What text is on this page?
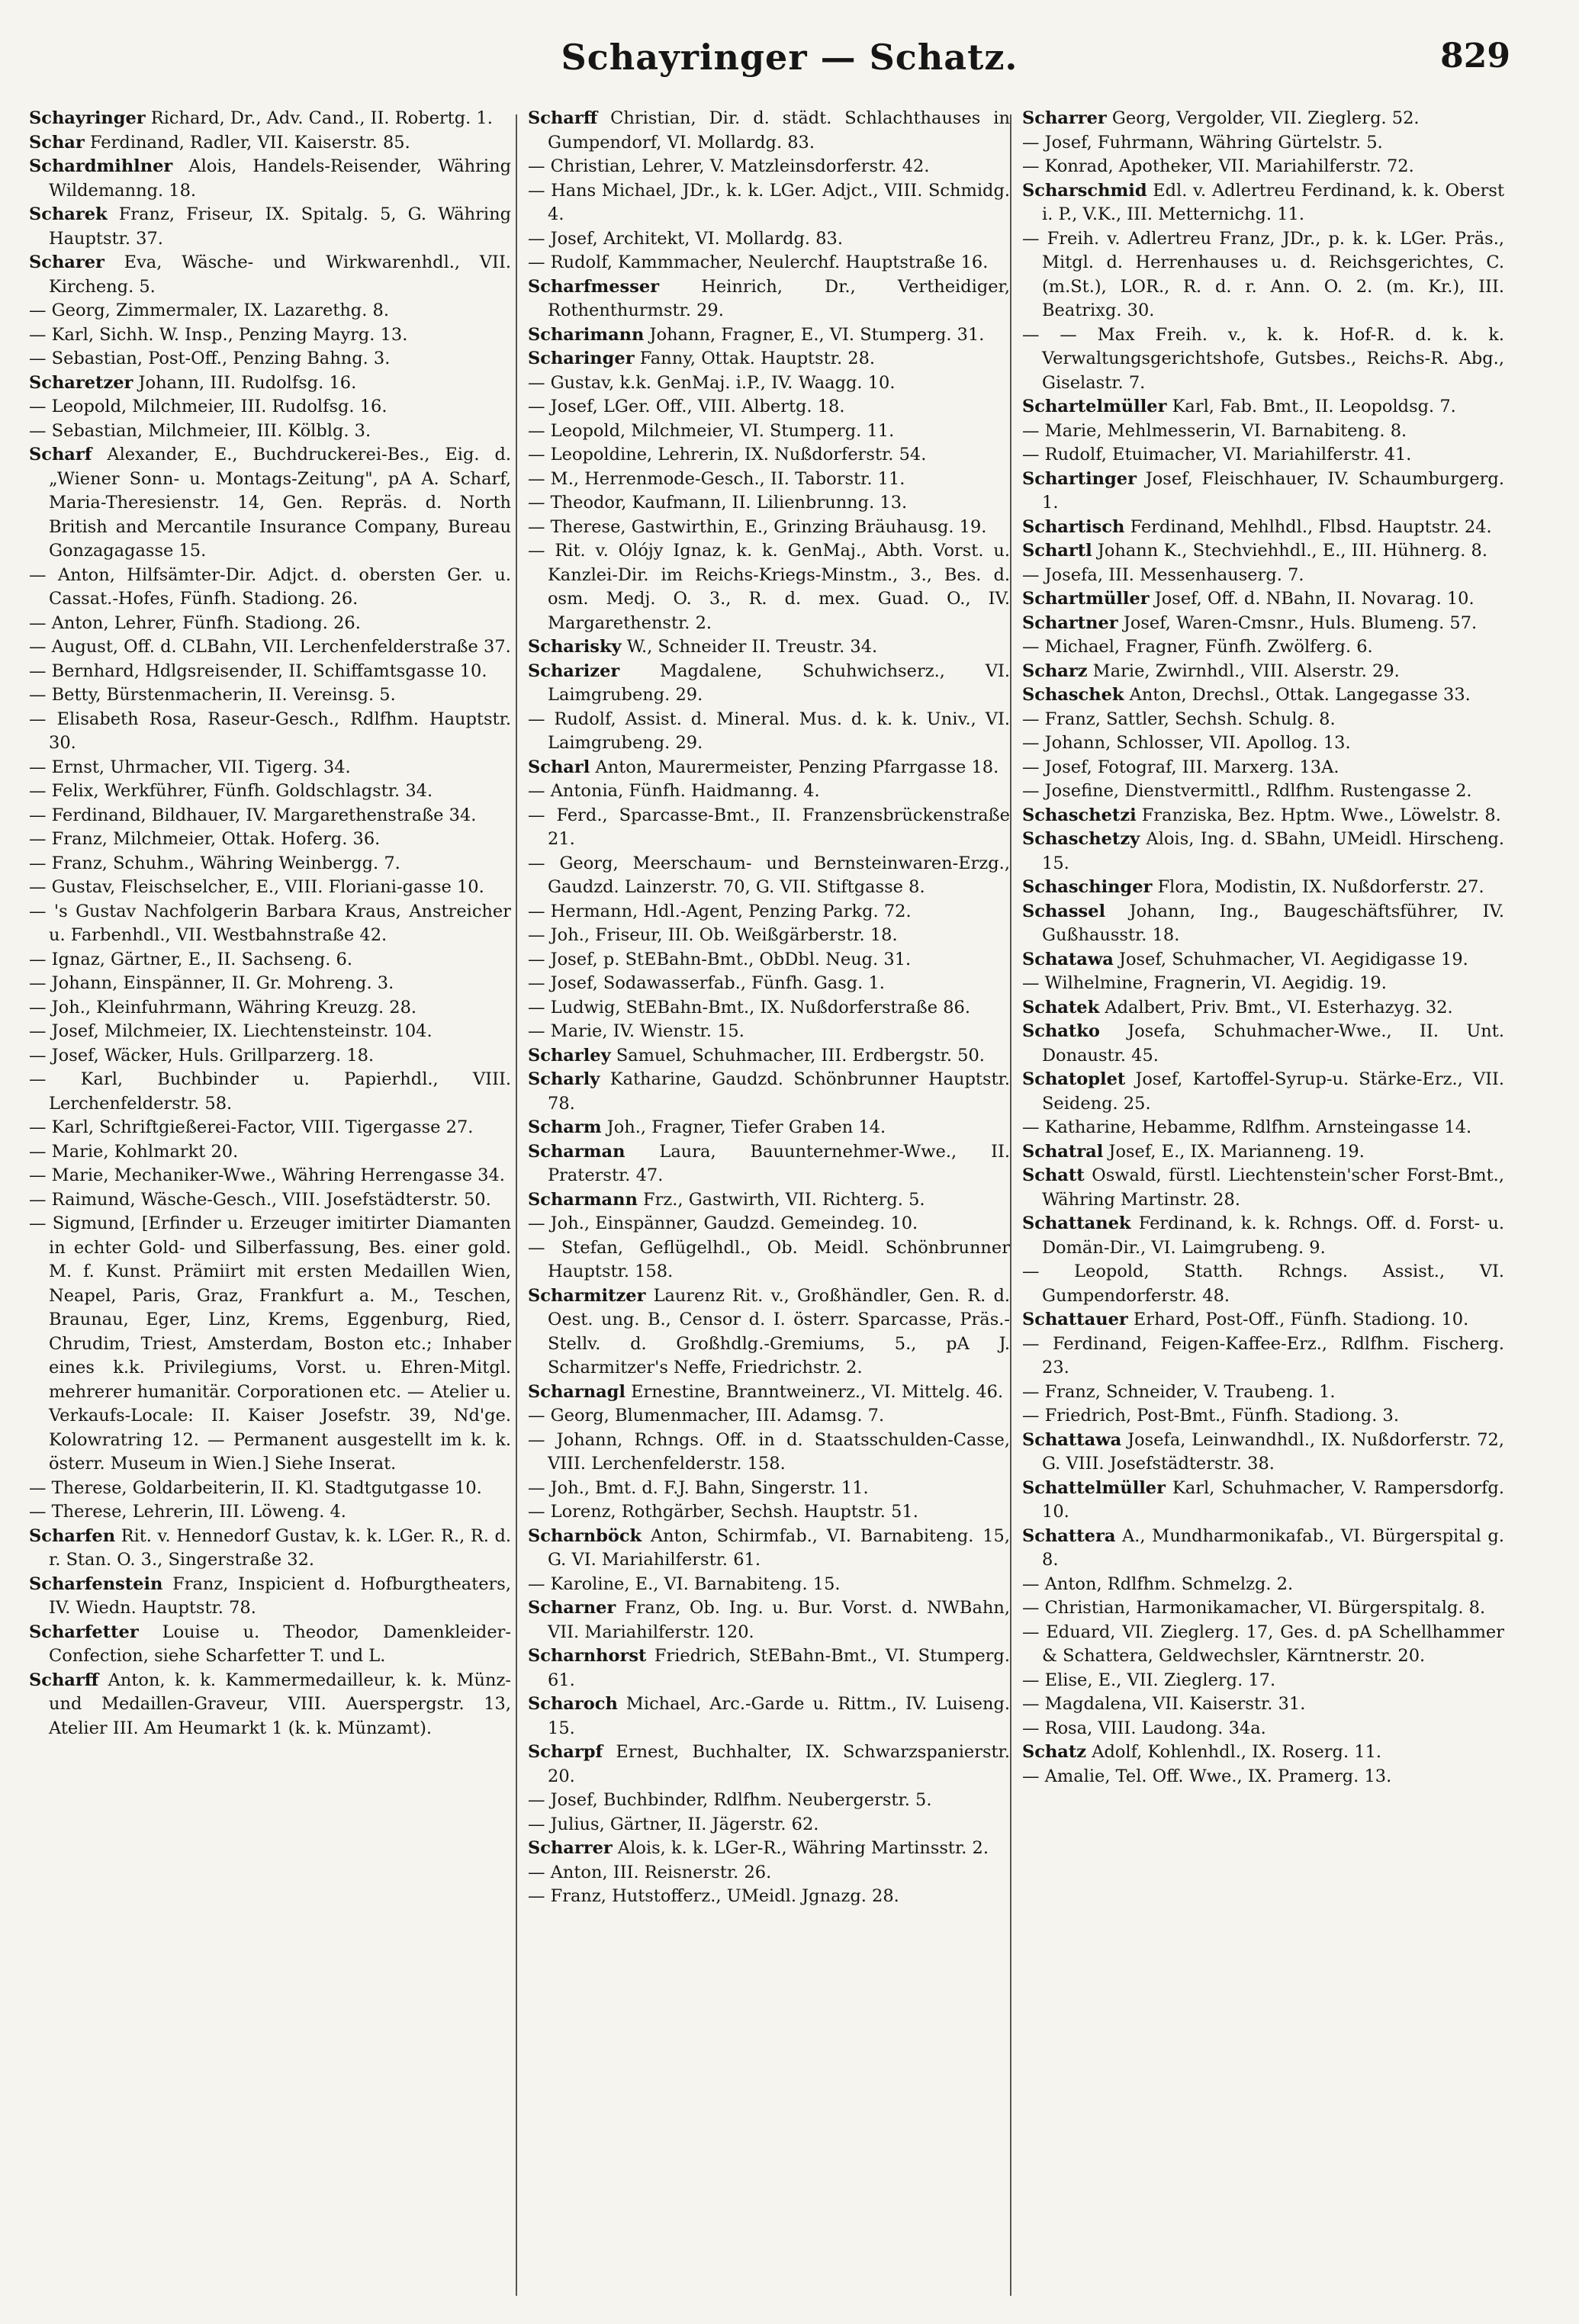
Schayringer — Schatz.	829

Schayringer Richard, Dr., Adv. Cand., II. Robertg. 1.

Schar Ferdinand, Radler, VII. Kaiserstr. 85.

Schardmihlner Alois, Handels-Reisender, Währing Wildemanng. 18.

Scharek Franz, Friseur, IX. Spitalg. 5, G. Währing Hauptstr. 37.

Scharer Eva, Wäsche- und Wirkwarenhdl., VII. Kircheng. 5.

— Georg, Zimmermaler, IX. Lazarethg. 8.

— Karl, Sichh. W. Insp., Penzing Mayrg. 13.

— Sebastian, Post-Off., Penzing Bahng. 3.

Scharetzer Johann, III. Rudolfsg. 16.

— Leopold, Milchmeier, III. Rudolfsg. 16.

— Sebastian, Milchmeier, III. Kölblg. 3.

Scharf Alexander, E., Buchdruckerei-Bes., Eig. d. „Wiener Sonn- u. Montags-Zeitung", pA A. Scharf, Maria-Theresienstr. 14, Gen. Repräs. d. North British and Mercantile Insurance Company, Bureau Gonzagagasse 15.

— Anton, Hilfsämter-Dir. Adjct. d. obersten Ger. u. Cassat.-Hofes, Fünfh. Stadiong. 26.

— Anton, Lehrer, Fünfh. Stadiong. 26.

— August, Off. d. CLBahn, VII. Lerchenfelderstraße 37.

— Bernhard, Hdlgsreisender, II. Schiffamtsgasse 10.

— Betty, Bürstenmacherin, II. Vereinsg. 5.

— Elisabeth Rosa, Raseur-Gesch., Rdlfhm. Hauptstr. 30.

— Ernst, Uhrmacher, VII. Tigerg. 34.

— Felix, Werkführer, Fünfh. Goldschlagstr. 34.

— Ferdinand, Bildhauer, IV. Margarethenstraße 34.

— Franz, Milchmeier, Ottak. Hoferg. 36.

— Franz, Schuhm., Währing Weinbergg. 7.

— Gustav, Fleischselcher, E., VIII. Floriani-gasse 10.

— 's Gustav Nachfolgerin Barbara Kraus, Anstreicher u. Farbenhdl., VII. Westbahnstraße 42.

— Ignaz, Gärtner, E., II. Sachseng. 6.

— Johann, Einspänner, II. Gr. Mohreng. 3.

— Joh., Kleinfuhrmann, Währing Kreuzg. 28.

— Josef, Milchmeier, IX. Liechtensteinstr. 104.

— Josef, Wäcker, Huls. Grillparzerg. 18.

— Karl, Buchbinder u. Papierhdl., VIII. Lerchenfelderstr. 58.

— Karl, Schriftgießerei-Factor, VIII. Tigergasse 27.

— Marie, Kohlmarkt 20.

— Marie, Mechaniker-Wwe., Währing Herrengasse 34.

— Raimund, Wäsche-Gesch., VIII. Josefstädterstr. 50.

— Sigmund, [Erfinder u. Erzeuger imitirter Diamanten in echter Gold- und Silberfassung, Bes. einer gold. M. f. Kunst. Prämiirt mit ersten Medaillen Wien, Neapel, Paris, Graz, Frankfurt a. M., Teschen, Braunau, Eger, Linz, Krems, Eggenburg, Ried, Chrudim, Triest, Amsterdam, Boston etc.; Inhaber eines k.k. Privilegiums, Vorst. u. Ehren-Mitgl. mehrerer humanitär. Corporationen etc. — Atelier u. Verkaufs-Locale: II. Kaiser Josefstr. 39, Nd'ge. Kolowratring 12. — Permanent ausgestellt im k. k. österr. Museum in Wien.] Siehe Inserat.

— Therese, Goldarbeiterin, II. Kl. Stadtgutgasse 10.

— Therese, Lehrerin, III. Löweng. 4.

Scharfen Rit. v. Hennedorf Gustav, k. k. LGer. R., R. d. r. Stan. O. 3., Singerstraße 32.

Scharfenstein Franz, Inspicient d. Hofburgtheaters, IV. Wiedn. Hauptstr. 78.

Scharfetter Louise u. Theodor, Damenkleider-Confection, siehe Scharfetter T. und L.

Scharff Anton, k. k. Kammermedailleur, k. k. Münz- und Medaillen-Graveur, VIII. Auerspergstr. 13, Atelier III. Am Heumarkt 1 (k. k. Münzamt).

Scharff Christian, Dir. d. städt. Schlachthauses in Gumpendorf, VI. Mollardg. 83.

— Christian, Lehrer, V. Matzleinsdorferstr. 42.

— Hans Michael, JDr., k. k. LGer. Adjct., VIII. Schmidg. 4.

— Josef, Architekt, VI. Mollardg. 83.

— Rudolf, Kammmacher, Neulerchf. Hauptstraße 16.

Scharfmesser Heinrich, Dr., Vertheidiger, Rothenthurmstr. 29.

Scharimann Johann, Fragner, E., VI. Stumperg. 31.

Scharinger Fanny, Ottak. Hauptstr. 28.

— Gustav, k.k. GenMaj. i.P., IV. Waagg. 10.

— Josef, LGer. Off., VIII. Albertg. 18.

— Leopold, Milchmeier, VI. Stumperg. 11.

— Leopoldine, Lehrerin, IX. Nußdorferstr. 54.

— M., Herrenmode-Gesch., II. Taborstr. 11.

— Theodor, Kaufmann, II. Lilienbrunng. 13.

— Therese, Gastwirthin, E., Grinzing Bräuhausg. 19.

— Rit. v. Olójy Ignaz, k. k. GenMaj., Abth. Vorst. u. Kanzlei-Dir. im Reichs-Kriegs-Minstm., 3., Bes. d. osm. Medj. O. 3., R. d. mex. Guad. O., IV. Margarethenstr. 2.

Scharisky W., Schneider II. Treustr. 34.

Scharizer Magdalene, Schuhwichserz., VI. Laimgrubeng. 29.

— Rudolf, Assist. d. Mineral. Mus. d. k. k. Univ., VI. Laimgrubeng. 29.

Scharl Anton, Maurermeister, Penzing Pfarrgasse 18.

— Antonia, Fünfh. Haidmanng. 4.

— Ferd., Sparcasse-Bmt., II. Franzensbrückenstraße 21.

— Georg, Meerschaum- und Bernsteinwaren-Erzg., Gaudzd. Lainzerstr. 70, G. VII. Stiftgasse 8.

— Hermann, Hdl.-Agent, Penzing Parkg. 72.

— Joh., Friseur, III. Ob. Weißgärberstr. 18.

— Josef, p. StEBahn-Bmt., ObDbl. Neug. 31.

— Josef, Sodawasserfab., Fünfh. Gasg. 1.

— Ludwig, StEBahn-Bmt., IX. Nußdorferstraße 86.

— Marie, IV. Wienstr. 15.

Scharley Samuel, Schuhmacher, III. Erdbergstr. 50.

Scharly Katharine, Gaudzd. Schönbrunner Hauptstr. 78.

Scharm Joh., Fragner, Tiefer Graben 14.

Scharman Laura, Bauunternehmer-Wwe., II. Praterstr. 47.

Scharmann Frz., Gastwirth, VII. Richterg. 5.

— Joh., Einspänner, Gaudzd. Gemeindeg. 10.

— Stefan, Geflügelhdl., Ob. Meidl. Schönbrunner Hauptstr. 158.

Scharmitzer Laurenz Rit. v., Großhändler, Gen. R. d. Oest. ung. B., Censor d. I. österr. Sparcasse, Präs.-Stellv. d. Großhdlg.-Gremiums, 5., pA J. Scharmitzer's Neffe, Friedrichstr. 2.

Scharnagl Ernestine, Branntweinerz., VI. Mittelg. 46.

— Georg, Blumenmacher, III. Adamsg. 7.

— Johann, Rchngs. Off. in d. Staatsschulden-Casse, VIII. Lerchenfelderstr. 158.

— Joh., Bmt. d. F.J. Bahn, Singerstr. 11.

— Lorenz, Rothgärber, Sechsh. Hauptstr. 51.

Scharnböck Anton, Schirmfab., VI. Barnabiteng. 15, G. VI. Mariahilferstr. 61.

— Karoline, E., VI. Barnabiteng. 15.

Scharner Franz, Ob. Ing. u. Bur. Vorst. d. NWBahn, VII. Mariahilferstr. 120.

Scharnhorst Friedrich, StEBahn-Bmt., VI. Stumperg. 61.

Scharoch Michael, Arc.-Garde u. Rittm., IV. Luiseng. 15.

Scharpf Ernest, Buchhalter, IX. Schwarzspanierstr. 20.

— Josef, Buchbinder, Rdlfhm. Neubergerstr. 5.

— Julius, Gärtner, II. Jägerstr. 62.

Scharrer Alois, k. k. LGer-R., Währing Martinsstr. 2.

— Anton, III. Reisnerstr. 26.

— Franz, Hutstofferz., UMeidl. Jgnazg. 28.

Scharrer Georg, Vergolder, VII. Zieglerg. 52.

— Josef, Fuhrmann, Währing Gürtelstr. 5.

— Konrad, Apotheker, VII. Mariahilferstr. 72.

Scharschmid Edl. v. Adlertreu Ferdinand, k. k. Oberst i. P., V.K., III. Metternichg. 11.

— Freih. v. Adlertreu Franz, JDr., p. k. k. LGer. Präs., Mitgl. d. Herrenhauses u. d. Reichsgerichtes, C. (m.St.), LOR., R. d. r. Ann. O. 2. (m. Kr.), III. Beatrixg. 30.

— — Max Freih. v., k. k. Hof-R. d. k. k. Verwaltungsgerichtshofe, Gutsbes., Reichs-R. Abg., Giselastr. 7.

Schartelmüller Karl, Fab. Bmt., II. Leopoldsg. 7.

— Marie, Mehlmesserin, VI. Barnabiteng. 8.

— Rudolf, Etuimacher, VI. Mariahilferstr. 41.

Schartinger Josef, Fleischhauer, IV. Schaumburgerg. 1.

Schartisch Ferdinand, Mehlhdl., Flbsd. Hauptstr. 24.

Schartl Johann K., Stechviehhdl., E., III. Hühnerg. 8.

— Josefa, III. Messenhauserg. 7.

Schartmüller Josef, Off. d. NBahn, II. Novarag. 10.

Schartner Josef, Waren-Cmsnr., Huls. Blumeng. 57.

— Michael, Fragner, Fünfh. Zwölferg. 6.

Scharz Marie, Zwirnhdl., VIII. Alserstr. 29.

Schaschek Anton, Drechsl., Ottak. Langegasse 33.

— Franz, Sattler, Sechsh. Schulg. 8.

— Johann, Schlosser, VII. Apollog. 13.

— Josef, Fotograf, III. Marxerg. 13A.

— Josefine, Dienstvermittl., Rdlfhm. Rustengasse 2.

Schaschetzi Franziska, Bez. Hptm. Wwe., Löwelstr. 8.

Schaschetzy Alois, Ing. d. SBahn, UMeidl. Hirscheng. 15.

Schaschinger Flora, Modistin, IX. Nußdorferstr. 27.

Schassel Johann, Ing., Baugeschäftsführer, IV. Gußhausstr. 18.

Schatawa Josef, Schuhmacher, VI. Aegidigasse 19.

— Wilhelmine, Fragnerin, VI. Aegidig. 19.

Schatek Adalbert, Priv. Bmt., VI. Esterhazyg. 32.

Schatko Josefa, Schuhmacher-Wwe., II. Unt. Donaustr. 45.

Schatoplet Josef, Kartoffel-Syrup-u. Stärke-Erz., VII. Seideng. 25.

— Katharine, Hebamme, Rdlfhm. Arnsteingasse 14.

Schatral Josef, E., IX. Marianneng. 19.

Schatt Oswald, fürstl. Liechtenstein'scher Forst-Bmt., Währing Martinstr. 28.

Schattanek Ferdinand, k. k. Rchngs. Off. d. Forst- u. Domän-Dir., VI. Laimgrubeng. 9.

— Leopold, Statth. Rchngs. Assist., VI. Gumpendorferstr. 48.

Schattauer Erhard, Post-Off., Fünfh. Stadiong. 10.

— Ferdinand, Feigen-Kaffee-Erz., Rdlfhm. Fischerg. 23.

— Franz, Schneider, V. Traubeng. 1.

— Friedrich, Post-Bmt., Fünfh. Stadiong. 3.

Schattawa Josefa, Leinwandhdl., IX. Nußdorferstr. 72, G. VIII. Josefstädterstr. 38.

Schattelmüller Karl, Schuhmacher, V. Rampersdorfg. 10.

Schattera A., Mundharmonikafab., VI. Bürgerspital g. 8.

— Anton, Rdlfhm. Schmelzg. 2.

— Christian, Harmonikamacher, VI. Bürgerspitalg. 8.

— Eduard, VII. Zieglerg. 17, Ges. d. pA Schellhammer & Schattera, Geldwechsler, Kärntnerstr. 20.

— Elise, E., VII. Zieglerg. 17.

— Magdalena, VII. Kaiserstr. 31.

— Rosa, VIII. Laudong. 34a.

Schatz Adolf, Kohlenhdl., IX. Roserg. 11.

— Amalie, Tel. Off. Wwe., IX. Pramerg. 13.
